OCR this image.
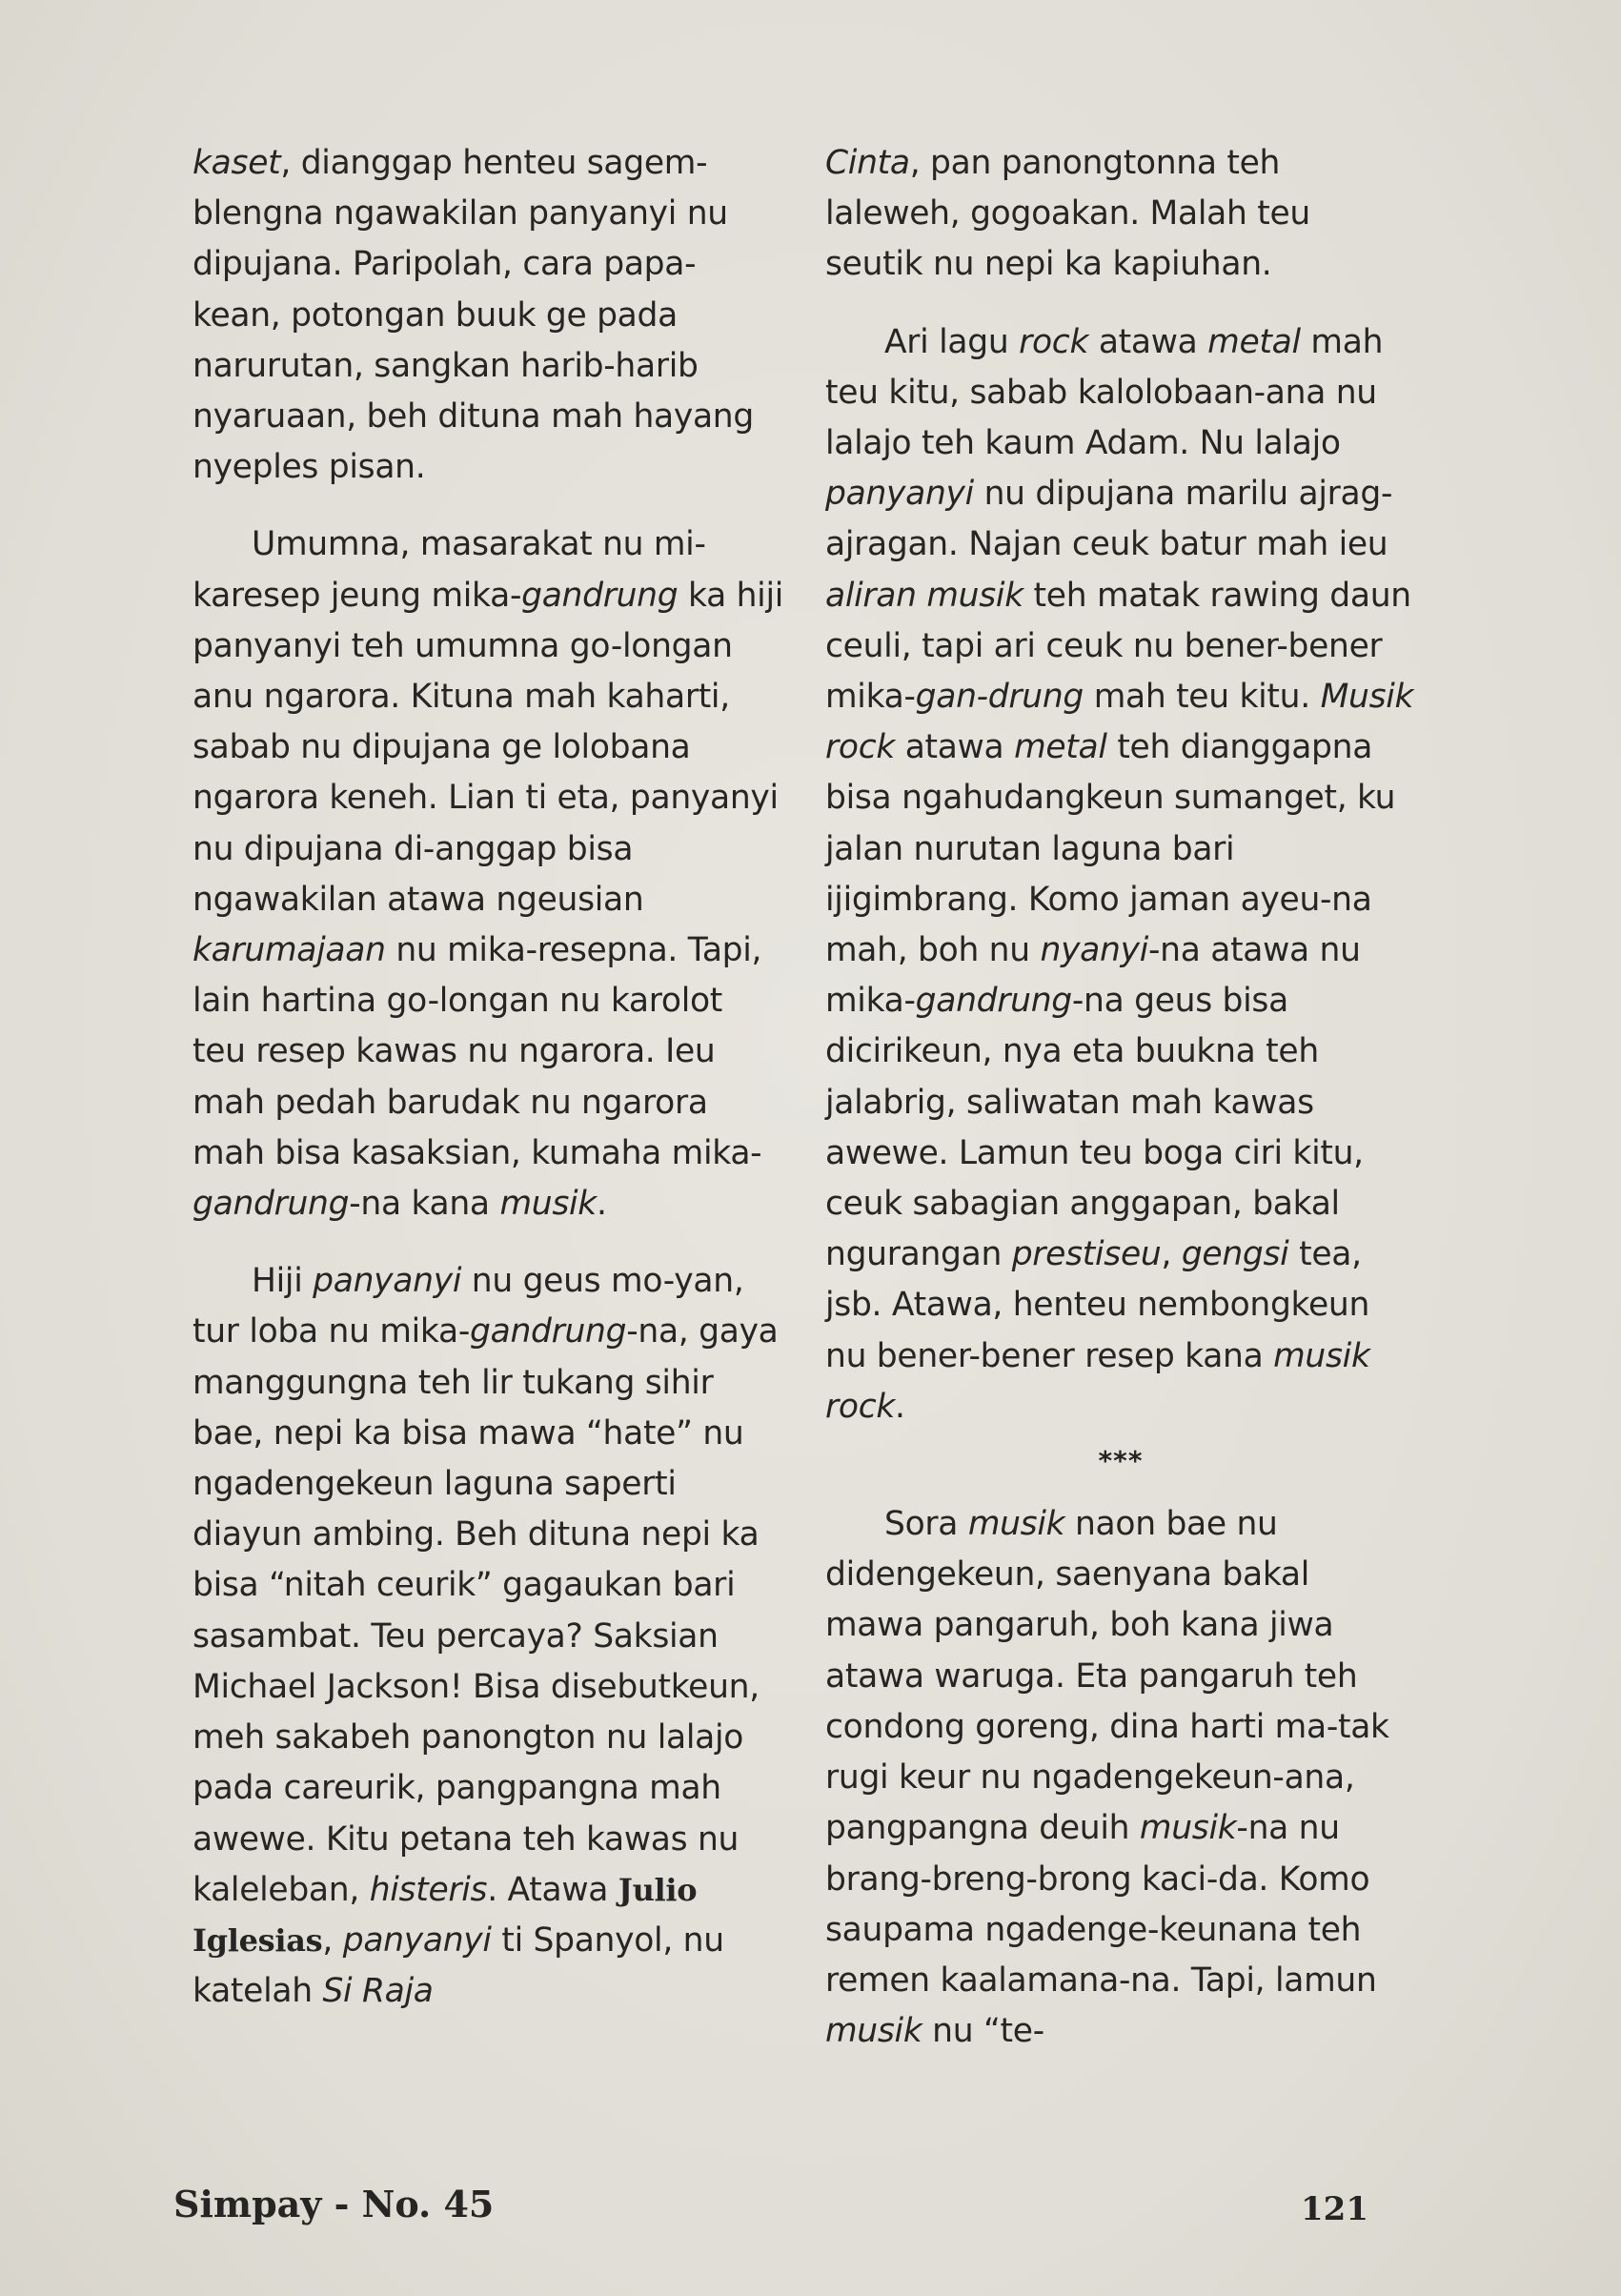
kaset, dianggap henteu sagem-blengna ngawakilan panyanyi nu dipujana. Paripolah, cara papa-kean, potongan buuk ge pada narurutan, sangkan harib-harib nyaruaan, beh dituna mah hayang nyeples pisan.

Umumna, masarakat nu mi-karesep jeung mika-gandrung ka hiji panyanyi teh umumna go-longan anu ngarora. Kituna mah kaharti, sabab nu dipujana ge lolobana ngarora keneh. Lian ti eta, panyanyi nu dipujana di-anggap bisa ngawakilan atawa ngeusian karumajaan nu mika-resepna. Tapi, lain hartina go-longan nu karolot teu resep kawas nu ngarora. Ieu mah pedah barudak nu ngarora mah bisa kasaksian, kumaha mika-gandrung-na kana musik.

Hiji panyanyi nu geus mo-yan, tur loba nu mika-gandrung-na, gaya manggungna teh lir tukang sihir bae, nepi ka bisa mawa “hate” nu ngadengekeun laguna saperti diayun ambing. Beh dituna nepi ka bisa “nitah ceurik” gagaukan bari sasambat. Teu percaya? Saksian Michael Jackson! Bisa disebutkeun, meh sakabeh panongton nu lalajo pada careurik, pangpangna mah awewe. Kitu petana teh kawas nu kaleleban, histeris. Atawa Julio Iglesias, panyanyi ti Spanyol, nu katelah Si Raja

Cinta, pan panongtonna teh laleweh, gogoakan. Malah teu seutik nu nepi ka kapiuhan.

Ari lagu rock atawa metal mah teu kitu, sabab kalolobaan-ana nu lalajo teh kaum Adam. Nu lalajo panyanyi nu dipujana marilu ajrag-ajragan. Najan ceuk batur mah ieu aliran musik teh matak rawing daun ceuli, tapi ari ceuk nu bener-bener mika-gan-drung mah teu kitu. Musik rock atawa metal teh dianggapna bisa ngahudangkeun sumanget, ku jalan nurutan laguna bari ijigimbrang. Komo jaman ayeu-na mah, boh nu nyanyi-na atawa nu mika-gandrung-na geus bisa dicirikeun, nya eta buukna teh jalabrig, saliwatan mah kawas awewe. Lamun teu boga ciri kitu, ceuk sabagian anggapan, bakal ngurangan prestiseu, gengsi tea, jsb. Atawa, henteu nembongkeun nu bener-bener resep kana musik rock.

***

Sora musik naon bae nu didengekeun, saenyana bakal mawa pangaruh, boh kana jiwa atawa waruga. Eta pangaruh teh condong goreng, dina harti ma-tak rugi keur nu ngadengekeun-ana, pangpangna deuih musik-na nu brang-breng-brong kaci-da. Komo saupama ngadenge-keunana teh remen kaalamana-na. Tapi, lamun musik nu “te-

Simpay - No. 45	121
